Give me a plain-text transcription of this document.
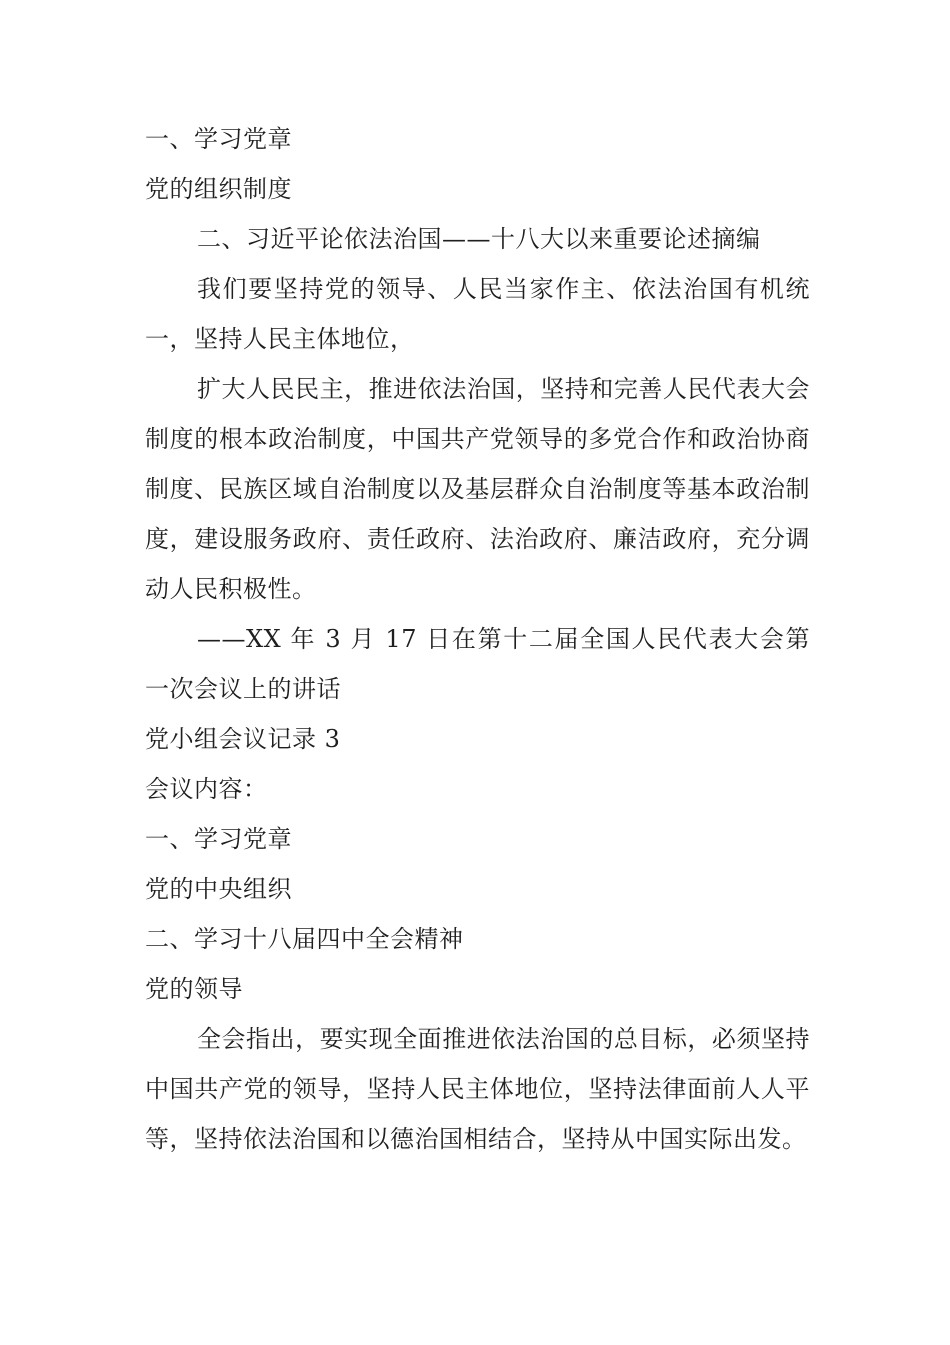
一、学习党章

党的组织制度

二、习近平论依法治国——十八大以来重要论述摘编

我们要坚持党的领导、人民当家作主、依法治国有机统一，坚持人民主体地位，

扩大人民民主，推进依法治国，坚持和完善人民代表大会制度的根本政治制度，中国共产党领导的多党合作和政治协商制度、民族区域自治制度以及基层群众自治制度等基本政治制度，建设服务政府、责任政府、法治政府、廉洁政府，充分调动人民积极性。

——XX 年 3 月 17 日在第十二届全国人民代表大会第一次会议上的讲话

党小组会议记录 3

会议内容：

一、学习党章

党的中央组织

二、学习十八届四中全会精神

党的领导

全会指出，要实现全面推进依法治国的总目标，必须坚持中国共产党的领导，坚持人民主体地位，坚持法律面前人人平等，坚持依法治国和以德治国相结合，坚持从中国实际出发。
